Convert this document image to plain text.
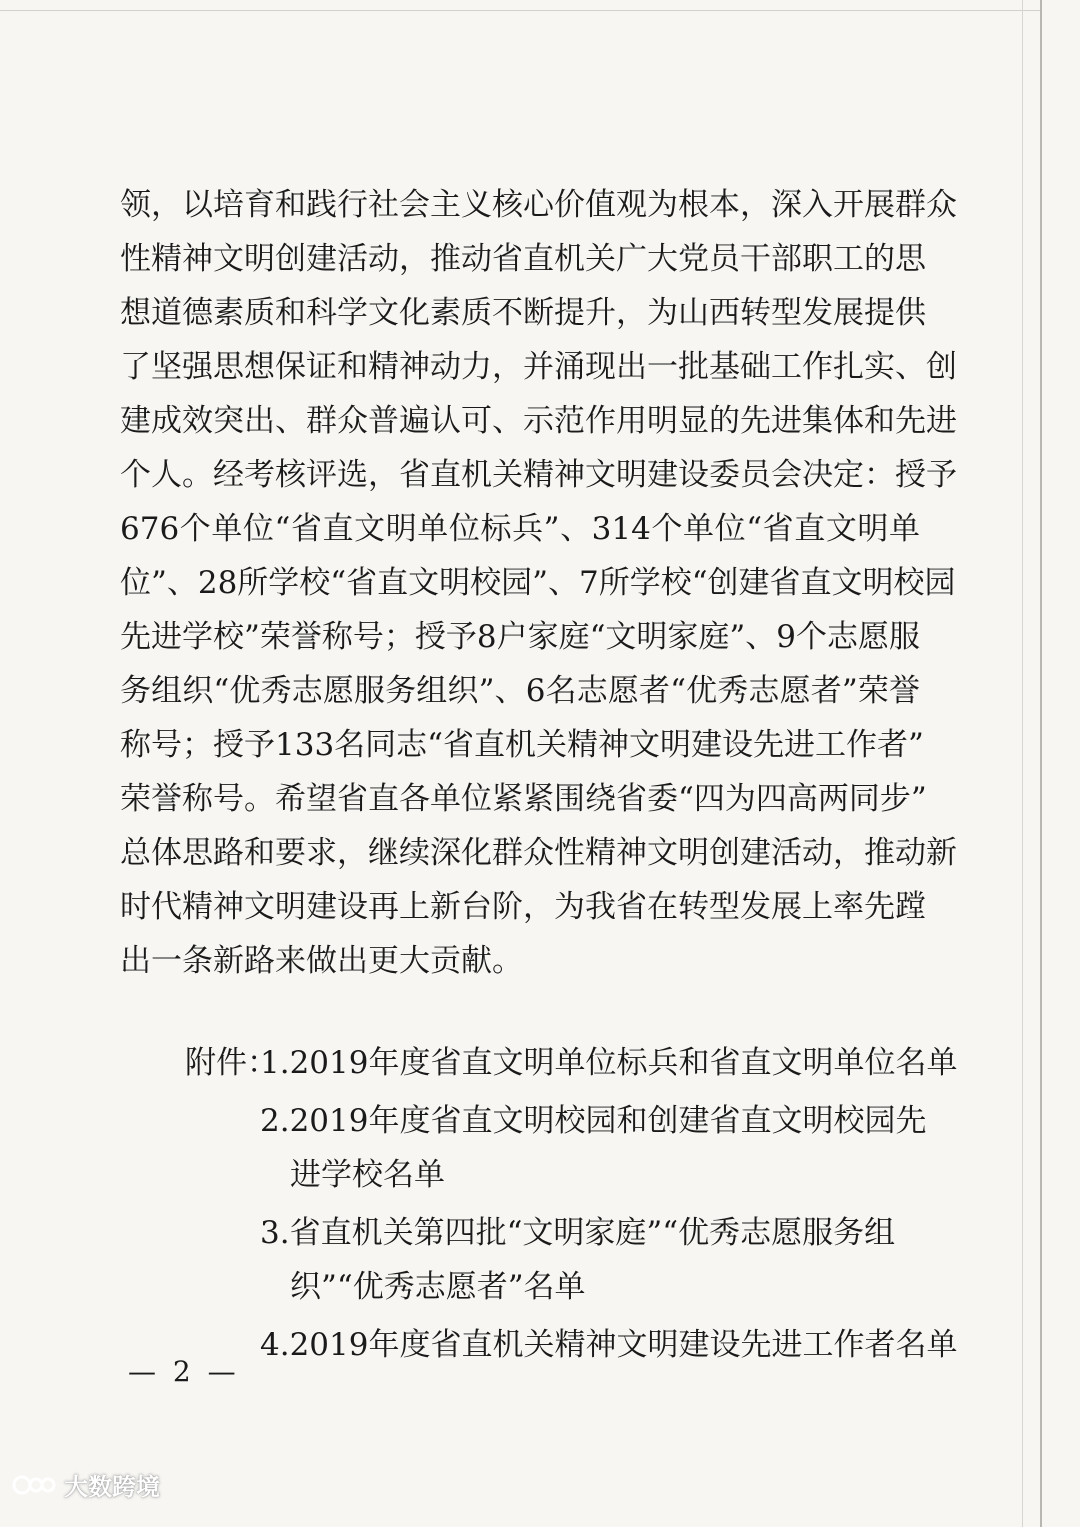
领，以培育和践行社会主义核心价值观为根本，深入开展群众
性精神文明创建活动，推动省直机关广大党员干部职工的思
想道德素质和科学文化素质不断提升，为山西转型发展提供
了坚强思想保证和精神动力，并涌现出一批基础工作扎实、创
建成效突出、群众普遍认可、示范作用明显的先进集体和先进
个人。经考核评选，省直机关精神文明建设委员会决定：授予
676个单位“省直文明单位标兵”、314个单位“省直文明单
位”、28所学校“省直文明校园”、7所学校“创建省直文明校园
先进学校”荣誉称号；授予8户家庭“文明家庭”、9个志愿服
务组织“优秀志愿服务组织”、6名志愿者“优秀志愿者”荣誉
称号；授予133名同志“省直机关精神文明建设先进工作者”
荣誉称号。希望省直各单位紧紧围绕省委“四为四高两同步”
总体思路和要求，继续深化群众性精神文明创建活动，推动新
时代精神文明建设再上新台阶，为我省在转型发展上率先蹚
出一条新路来做出更大贡献。
附件：1.2019年度省直文明单位标兵和省直文明单位名单
2.2019年度省直文明校园和创建省直文明校园先
进学校名单
3.省直机关第四批“文明家庭”“优秀志愿服务组
织”“优秀志愿者”名单
4.2019年度省直机关精神文明建设先进工作者名单
— 2 —
大数跨境
